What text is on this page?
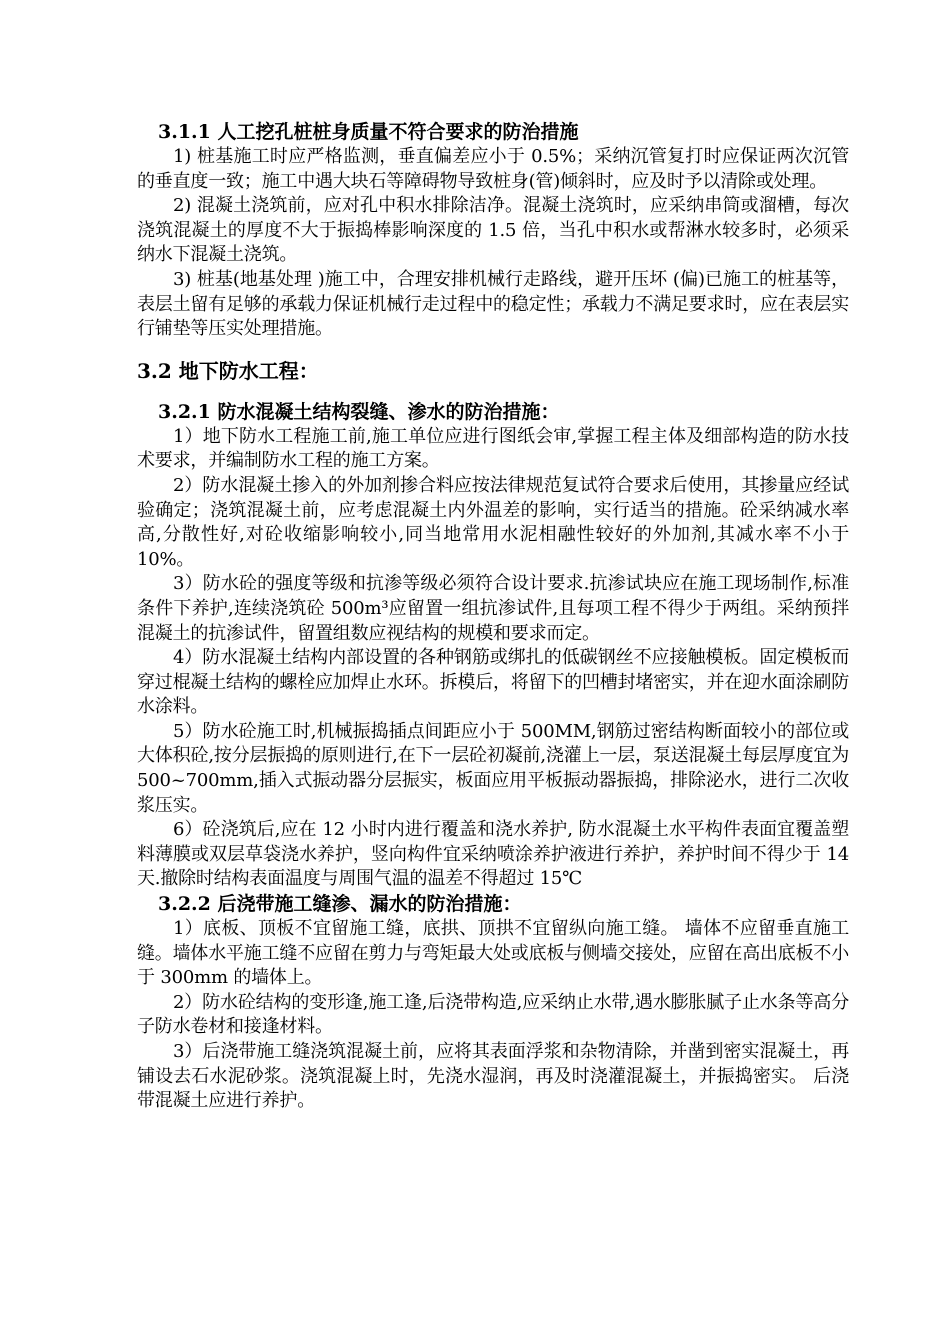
3.1.1 人工挖孔桩桩身质量不符合要求的防治措施
1) 桩基施工时应严格监测，垂直偏差应小于 0.5%；采纳沉管复打时应保证两次沉管的垂直度一致；施工中遇大块石等障碍物导致桩身(管)倾斜时，应及时予以清除或处理。
2) 混凝土浇筑前，应对孔中积水排除洁净。混凝土浇筑时，应采纳串筒或溜槽，每次浇筑混凝土的厚度不大于振捣棒影响深度的 1.5 倍，当孔中积水或帮淋水较多时，必须采纳水下混凝土浇筑。
3) 桩基(地基处理 )施工中，合理安排机械行走路线，避开压坏 (偏)已施工的桩基等，表层土留有足够的承载力保证机械行走过程中的稳定性；承载力不满足要求时，应在表层实行铺垫等压实处理措施。
3.2 地下防水工程：
3.2.1 防水混凝土结构裂缝、渗水的防治措施：
1）地下防水工程施工前,施工单位应进行图纸会审,掌握工程主体及细部构造的防水技术要求，并编制防水工程的施工方案。
2）防水混凝土掺入的外加剂掺合料应按法律规范复试符合要求后使用，其掺量应经试验确定；浇筑混凝土前，应考虑混凝土内外温差的影响，实行适当的措施。砼采纳减水率高,分散性好,对砼收缩影响较小,同当地常用水泥相融性较好的外加剂,其减水率不小于 10%。
3）防水砼的强度等级和抗渗等级必须符合设计要求.抗渗试块应在施工现场制作,标准条件下养护,连续浇筑砼 500m³应留置一组抗渗试件,且每项工程不得少于两组。采纳预拌混凝土的抗渗试件，留置组数应视结构的规模和要求而定。
4）防水混凝土结构内部设置的各种钢筋或绑扎的低碳钢丝不应接触模板。固定模板而穿过棍凝土结构的螺栓应加焊止水环。拆模后，将留下的凹槽封堵密实，并在迎水面涂刷防水涂料。
5）防水砼施工时,机械振捣插点间距应小于 500MM,钢筋过密结构断面较小的部位或大体积砼,按分层振捣的原则进行,在下一层砼初凝前,浇灌上一层，泵送混凝土每层厚度宜为 500~700mm,插入式振动器分层振实，板面应用平板振动器振捣，排除泌水，进行二次收浆压实。
6）砼浇筑后,应在 12 小时内进行覆盖和浇水养护, 防水混凝土水平构件表面宜覆盖塑料薄膜或双层草袋浇水养护，竖向构件宜采纳喷涂养护液进行养护，养护时间不得少于 14 天.撤除时结构表面温度与周围气温的温差不得超过 15℃
3.2.2 后浇带施工缝渗、漏水的防治措施：
1）底板、顶板不宜留施工缝，底拱、顶拱不宜留纵向施工缝。 墙体不应留垂直施工缝。墙体水平施工缝不应留在剪力与弯矩最大处或底板与侧墙交接处，应留在高出底板不小于 300mm 的墙体上。
2）防水砼结构的变形逢,施工逢,后浇带构造,应采纳止水带,遇水膨胀腻子止水条等高分子防水卷材和接逢材料。
3）后浇带施工缝浇筑混凝土前，应将其表面浮浆和杂物清除，并凿到密实混凝土，再铺设去石水泥砂浆。浇筑混凝上时，先浇水湿润，再及时浇灌混凝土，并振捣密实。 后浇带混凝土应进行养护。
